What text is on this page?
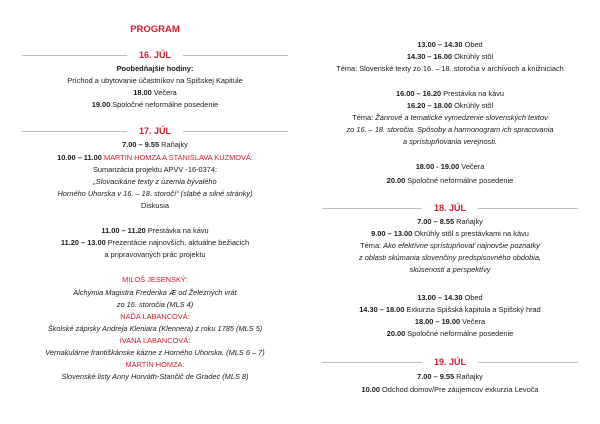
PROGRAM
16. JÚL
Poobedňajšie hodiny:
Príchod a ubytovanie účastníkov na Spišskej Kapitule
18.00 Večera
19.00 Spoločné neformálne posedenie
17. JÚL
7.00 – 9.55 Raňajky
10.00 – 11.00 MARTIN HOMZA A STANISLAVA KUZMOVÁ:
Sumarizácia projektu APVV -16-0374:
„Slovacikáne texty z územia bývalého
Horného Uhorska v 16. – 18. storočí“ (slabé a silné stránky)
Diskusia
11.00 – 11.20 Prestávka na kávu
11.20 – 13.00 Prezentácie najnovších, aktuálne bežiacich
a pripravovaných prác projektu
MILOŠ JESENSKÝ:
Alchýmia Magistra Frederika Æ od Železných vrát
zo 16. storočia (MLS 4)
NAĎA LABANCOVÁ:
Školské zápisky Andreja Kleniara (Klennera) z roku 1785 (MLS 5)
IVANA LABANCOVÁ:
Vernakulárne františkánske kázne z Horného Uhorska. (MLS 6 – 7)
MARTIN HOMZA:
Slovenské listy Anny Horváth-Stančič de Gradec (MLS 8)
13.00 – 14.30 Obed
14.30 – 16.00 Okrúhly stôl
Téma: Slovenské texty zo 16. – 18. storočia v archívoch a knižniciach
16.00 – 16.20 Prestávka na kávu
16.20 – 18.00 Okrúhly stôl
Téma: Žánrové a tematické vymedzenie slovenských textov
zo 16. – 18. storočia. Spôsoby a harmonogram ich spracovania
a sprístupňovania verejnosti.
18.00 - 19.00 Večera
20.00 Spoločné neformálne posedenie
18. JÚL
7.00 – 8.55 Raňajky
9.00 – 13.00 Okrúhly stôl s prestávkami na kávu
Téma: Ako efektívne sprístupňovať najnovšie poznatky
z oblasti skúmania slovenčiny predspisovného obdobia,
skúsenosti a perspektívy
13.00 – 14.30 Obed
14.30 – 18.00 Exkurzia Spišská kapitula a Spišský hrad
18.00 – 19.00 Večera
20.00 Spoločné neformálne posedenie
19. JÚL
7.00 – 9.55 Raňajky
10.00 Odchod domov/Pre záujemcov exkurzia Levoča
